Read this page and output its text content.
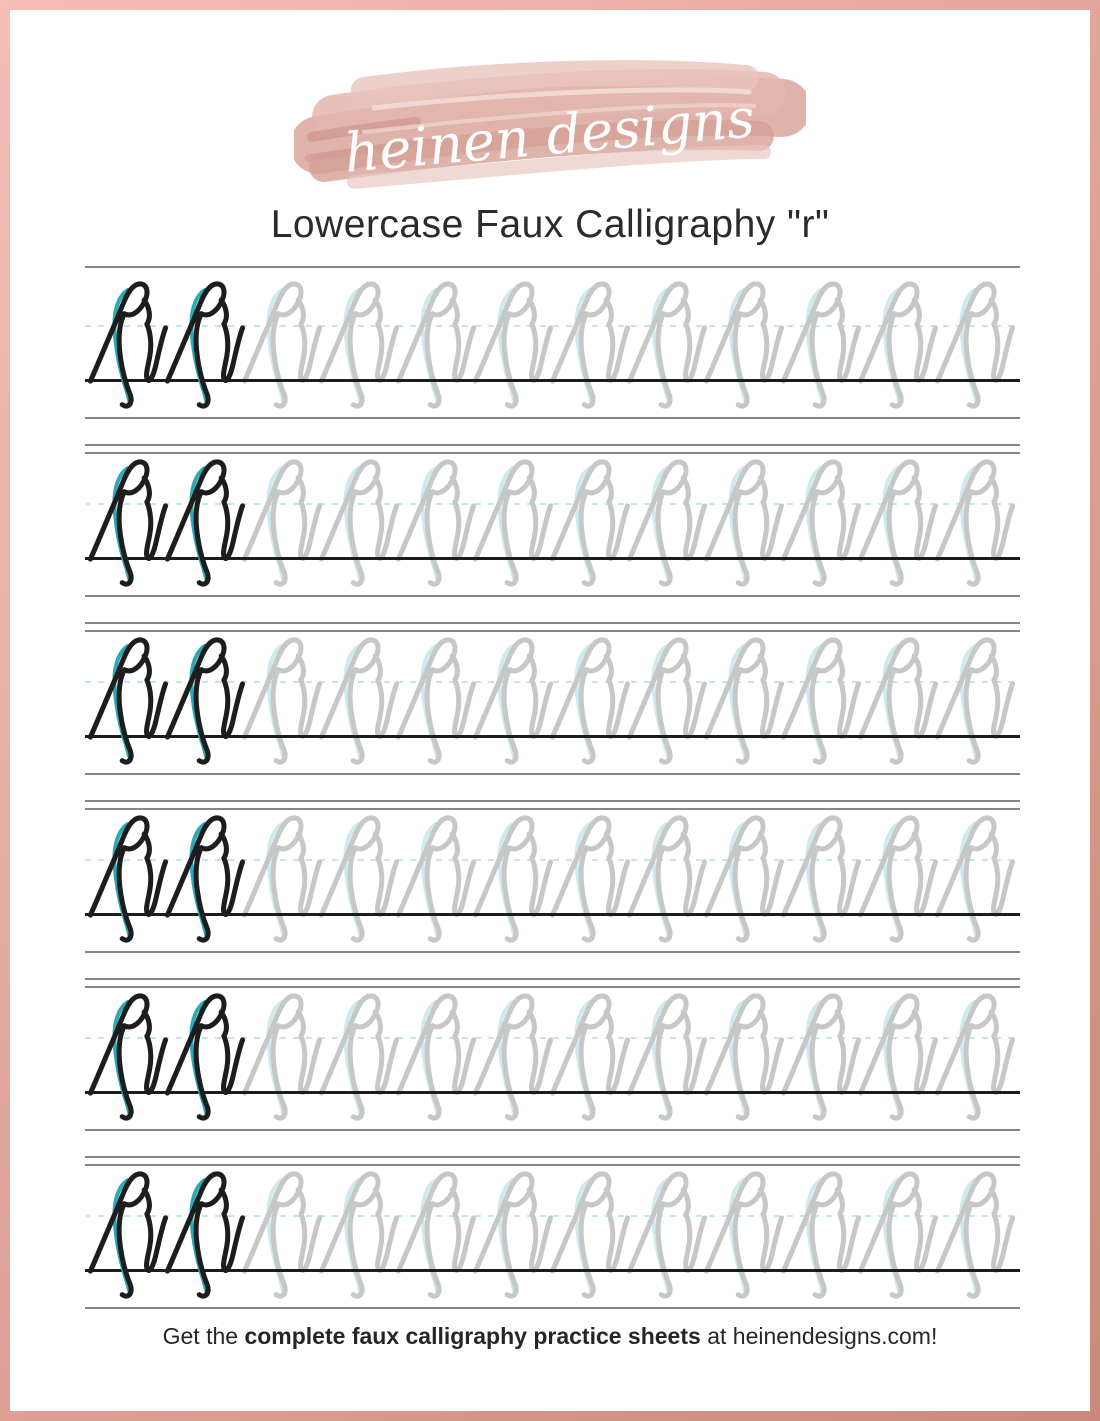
heinen designs
Lowercase Faux Calligraphy "r"
Get the complete faux calligraphy practice sheets at heinendesigns.com!
